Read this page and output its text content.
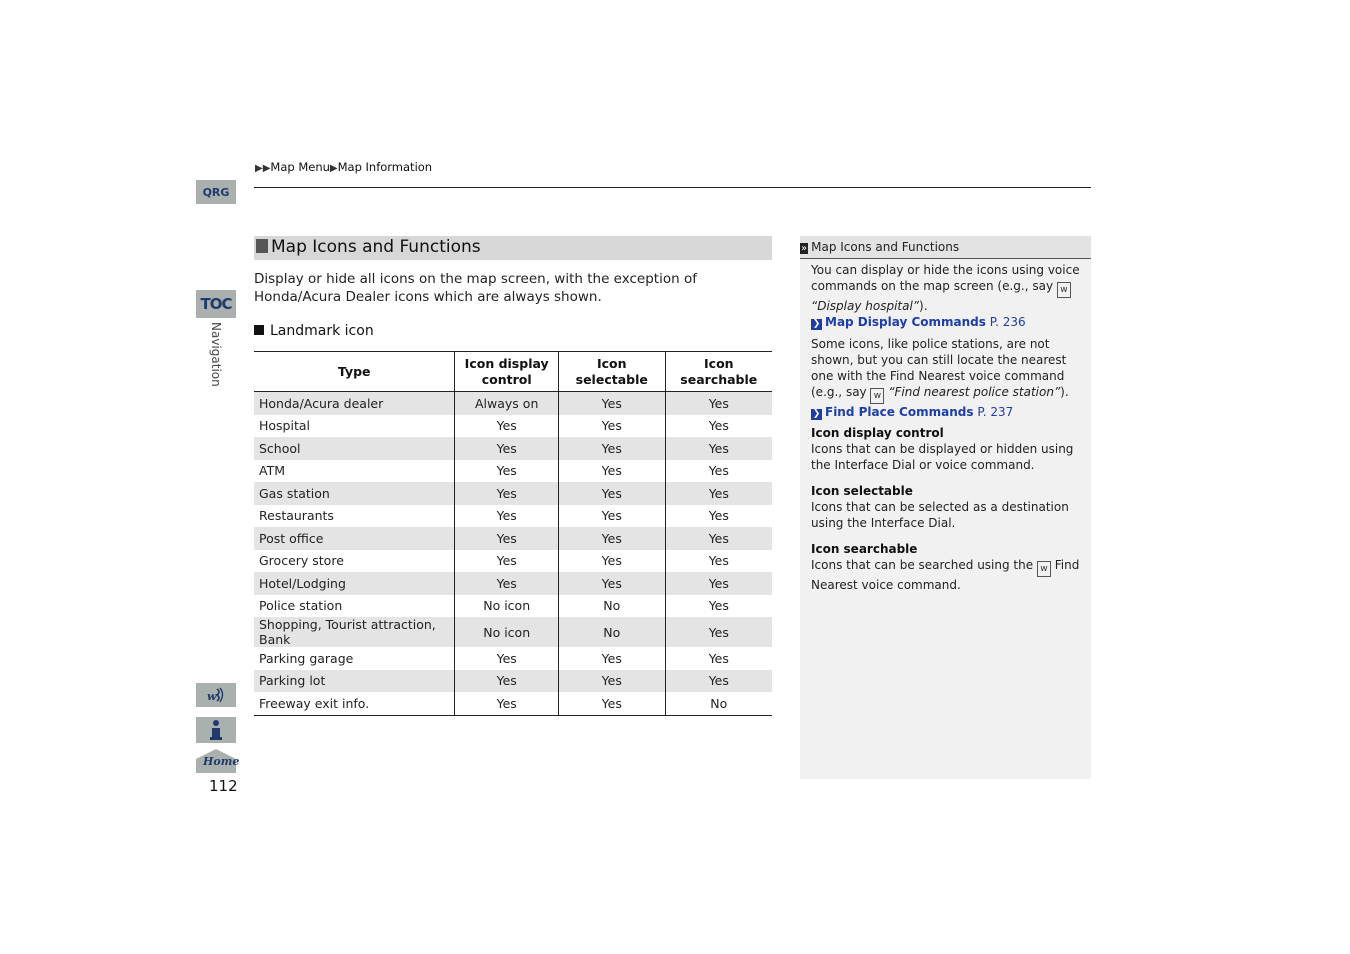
▶▶Map Menu▶Map Information
QRG
TOC
Navigation
w
Home
112
Map Icons and Functions
Display or hide all icons on the map screen, with the exception of Honda/Acura Dealer icons which are always shown.
Landmark icon
Type	Icon display control	Icon selectable	Icon searchable
Honda/Acura dealer	Always on	Yes	Yes
Hospital	Yes	Yes	Yes
School	Yes	Yes	Yes
ATM	Yes	Yes	Yes
Gas station	Yes	Yes	Yes
Restaurants	Yes	Yes	Yes
Post office	Yes	Yes	Yes
Grocery store	Yes	Yes	Yes
Hotel/Lodging	Yes	Yes	Yes
Police station	No icon	No	Yes
Shopping, Tourist attraction, Bank	No icon	No	Yes
Parking garage	Yes	Yes	Yes
Parking lot	Yes	Yes	Yes
Freeway exit info.	Yes	Yes	No
» Map Icons and Functions
You can display or hide the icons using voice commands on the map screen (e.g., say w
“Display hospital”).
❯ Map Display Commands P. 236
Some icons, like police stations, are not shown, but you can still locate the nearest one with the Find Nearest voice command (e.g., say w “Find nearest police station”).
❯ Find Place Commands P. 237
Icon display control
Icons that can be displayed or hidden using the Interface Dial or voice command.
Icon selectable
Icons that can be selected as a destination using the Interface Dial.
Icon searchable
Icons that can be searched using the w Find Nearest voice command.
